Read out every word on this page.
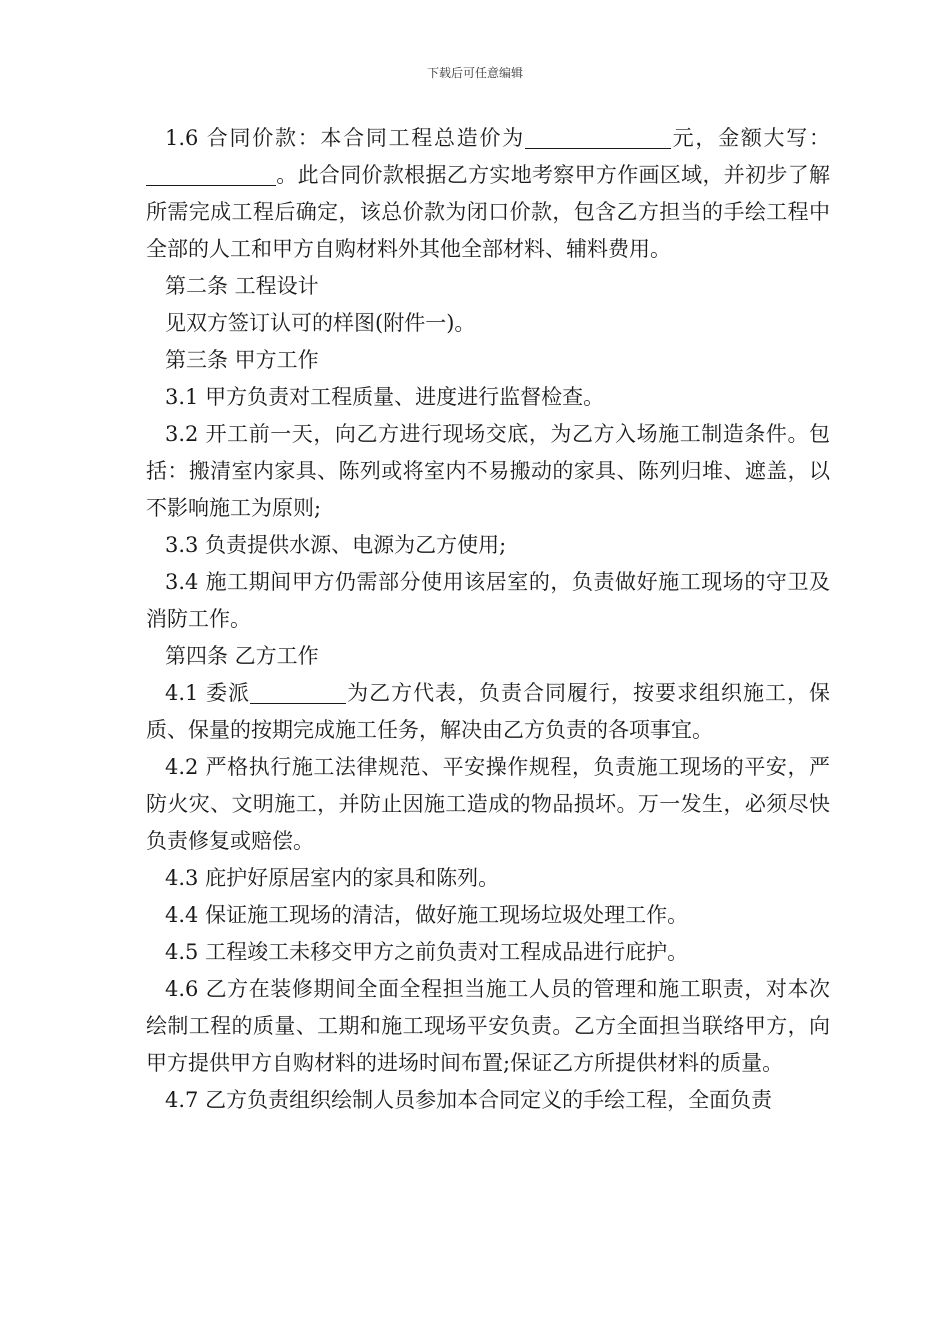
下载后可任意编辑

1.6 合同价款：本合同工程总造价为	元，金额大写：。此合同价款根据乙方实地考察甲方作画区域，并初步了解所需完成工程后确定，该总价款为闭口价款，包含乙方担当的手绘工程中全部的人工和甲方自购材料外其他全部材料、辅料费用。

第二条 工程设计

见双方签订认可的样图(附件一)。

第三条 甲方工作

3.1 甲方负责对工程质量、进度进行监督检查。

3.2 开工前一天，向乙方进行现场交底，为乙方入场施工制造条件。包括：搬清室内家具、陈列或将室内不易搬动的家具、陈列归堆、遮盖，以不影响施工为原则;

3.3 负责提供水源、电源为乙方使用;

3.4 施工期间甲方仍需部分使用该居室的，负责做好施工现场的守卫及消防工作。

第四条 乙方工作

4.1 委派	为乙方代表，负责合同履行，按要求组织施工，保质、保量的按期完成施工任务，解决由乙方负责的各项事宜。

4.2 严格执行施工法律规范、平安操作规程，负责施工现场的平安，严防火灾、文明施工，并防止因施工造成的物品损坏。万一发生，必须尽快负责修复或赔偿。

4.3 庇护好原居室内的家具和陈列。

4.4 保证施工现场的清洁，做好施工现场垃圾处理工作。

4.5 工程竣工未移交甲方之前负责对工程成品进行庇护。

4.6 乙方在装修期间全面全程担当施工人员的管理和施工职责，对本次绘制工程的质量、工期和施工现场平安负责。乙方全面担当联络甲方，向甲方提供甲方自购材料的进场时间布置;保证乙方所提供材料的质量。

4.7 乙方负责组织绘制人员参加本合同定义的手绘工程，全面负责
